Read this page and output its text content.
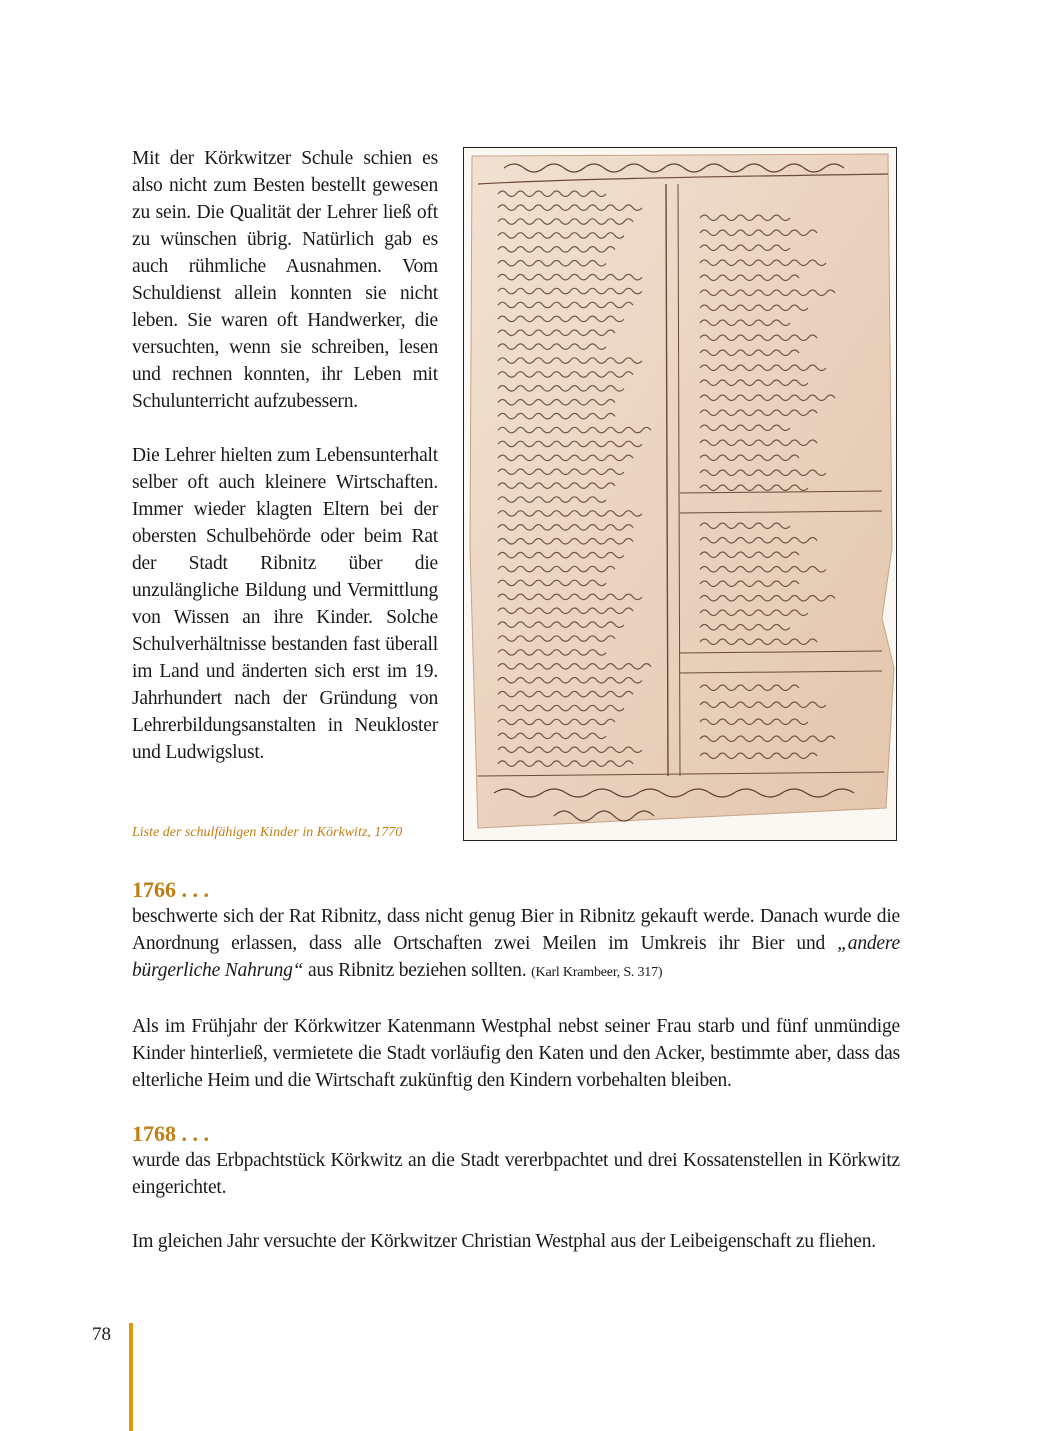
Mit der Körkwitzer Schule schien es also nicht zum Besten bestellt gewesen zu sein. Die Qualität der Lehrer ließ oft zu wünschen übrig. Natürlich gab es auch rühmliche Ausnahmen. Vom Schuldienst allein konnten sie nicht leben. Sie waren oft Handwerker, die versuchten, wenn sie schreiben, lesen und rechnen konnten, ihr Leben mit Schulunterricht aufzubessern.

Die Lehrer hielten zum Lebensunterhalt selber oft auch kleinere Wirtschaften. Immer wieder klagten Eltern bei der obersten Schulbehörde oder beim Rat der Stadt Ribnitz über die unzulängliche Bildung und Vermittlung von Wissen an ihre Kinder. Solche Schulverhältnisse bestanden fast überall im Land und änderten sich erst im 19. Jahrhundert nach der Gründung von Lehrerbildungsanstalten in Neukloster und Ludwigslust.

Liste der schulfähigen Kinder in Körkwitz, 1770
1766 . . .

beschwerte sich der Rat Ribnitz, dass nicht genug Bier in Ribnitz gekauft werde. Danach wurde die Anordnung erlassen, dass alle Ortschaften zwei Meilen im Umkreis ihr Bier und „andere bürgerliche Nahrung“ aus Ribnitz beziehen sollten. (Karl Krambeer, S. 317)

Als im Frühjahr der Körkwitzer Katenmann Westphal nebst seiner Frau starb und fünf unmündige Kinder hinterließ, vermietete die Stadt vorläufig den Katen und den Acker, bestimmte aber, dass das elterliche Heim und die Wirtschaft zukünftig den Kindern vorbehalten bleiben.

1768 . . .

wurde das Erbpachtstück Körkwitz an die Stadt vererbpachtet und drei Kossatenstellen in Körkwitz eingerichtet.

Im gleichen Jahr versuchte der Körkwitzer Christian Westphal aus der Leibeigenschaft zu fliehen.

78
